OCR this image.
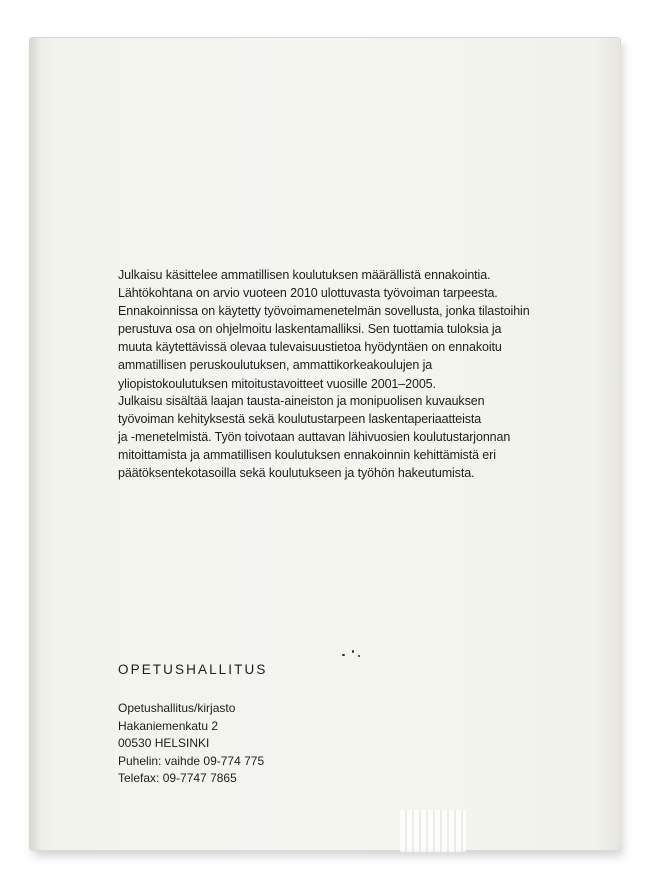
Julkaisu käsittelee ammatillisen koulutuksen määrällistä ennakointia.
Lähtökohtana on arvio vuoteen 2010 ulottuvasta työvoiman tarpeesta.
Ennakoinnissa on käytetty työvoimamenetelmän sovellusta, jonka tilastoihin
perustuva osa on ohjelmoitu laskentamalliksi. Sen tuottamia tuloksia ja
muuta käytettävissä olevaa tulevaisuustietoa hyödyntäen on ennakoitu
ammatillisen peruskoulutuksen, ammattikorkeakoulujen ja
yliopistokoulutuksen mitoitustavoitteet vuosille 2001–2005.
Julkaisu sisältää laajan tausta-aineiston ja monipuolisen kuvauksen
työvoiman kehityksestä sekä koulutustarpeen laskentaperiaatteista
ja -menetelmistä. Työn toivotaan auttavan lähivuosien koulutustarjonnan
mitoittamista ja ammatillisen koulutuksen ennakoinnin kehittämistä eri
päätöksentekotasoilla sekä koulutukseen ja työhön hakeutumista.
OPETUSHALLITUS
Opetushallitus/kirjasto
Hakaniemenkatu 2
00530 HELSINKI
Puhelin: vaihde 09-774 775
Telefax: 09-7747 7865
